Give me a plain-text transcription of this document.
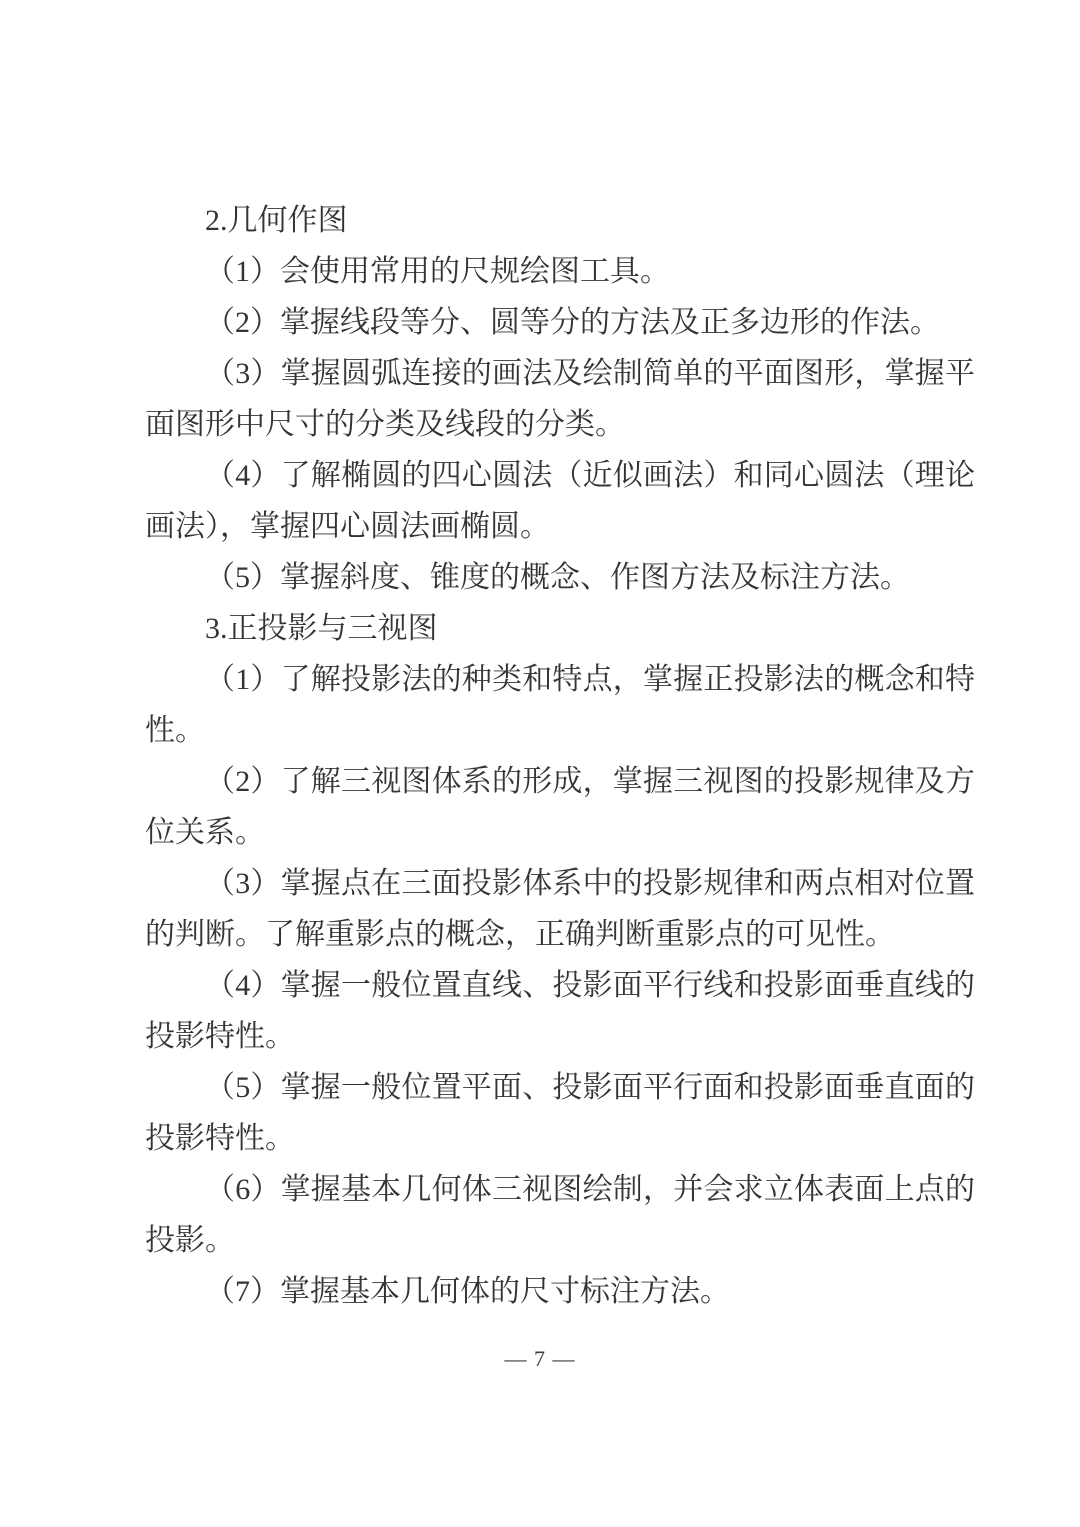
2.几何作图

（1）会使用常用的尺规绘图工具。

（2）掌握线段等分、圆等分的方法及正多边形的作法。

（3）掌握圆弧连接的画法及绘制简单的平面图形，掌握平面图形中尺寸的分类及线段的分类。

（4）了解椭圆的四心圆法（近似画法）和同心圆法（理论画法），掌握四心圆法画椭圆。

（5）掌握斜度、锥度的概念、作图方法及标注方法。

3.正投影与三视图

（1）了解投影法的种类和特点，掌握正投影法的概念和特性。

（2）了解三视图体系的形成，掌握三视图的投影规律及方位关系。

（3）掌握点在三面投影体系中的投影规律和两点相对位置的判断。了解重影点的概念，正确判断重影点的可见性。

（4）掌握一般位置直线、投影面平行线和投影面垂直线的投影特性。

（5）掌握一般位置平面、投影面平行面和投影面垂直面的投影特性。

（6）掌握基本几何体三视图绘制，并会求立体表面上点的投影。

（7）掌握基本几何体的尺寸标注方法。

— 7 —
